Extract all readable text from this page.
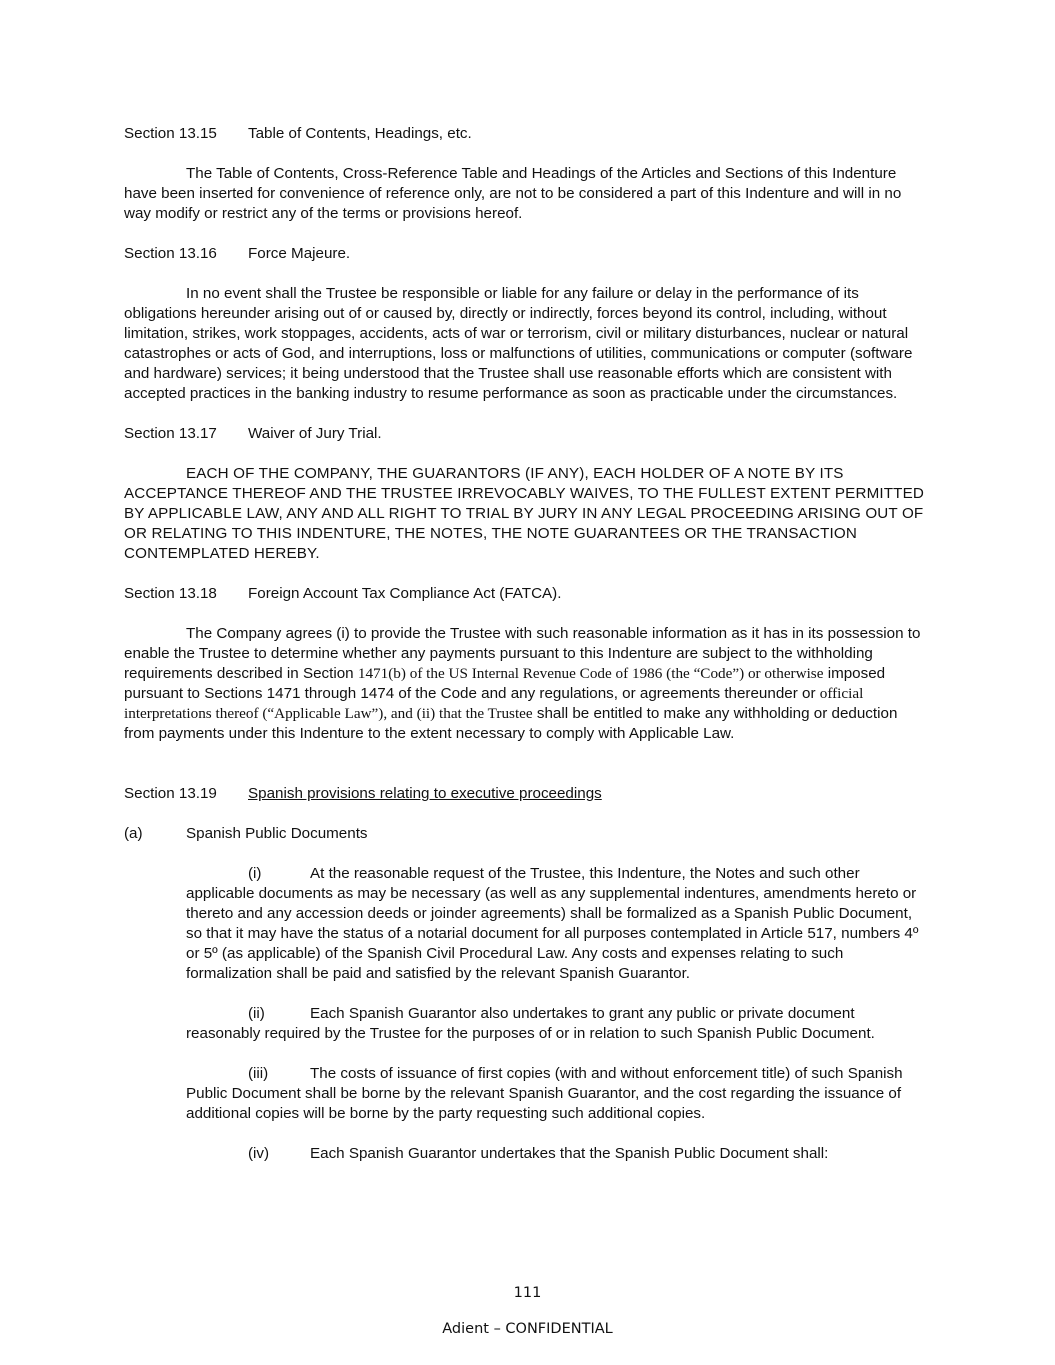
Section 13.15	Table of Contents, Headings, etc.

The Table of Contents, Cross-Reference Table and Headings of the Articles and Sections of this Indenture have been inserted for convenience of reference only, are not to be considered a part of this Indenture and will in no way modify or restrict any of the terms or provisions hereof.

Section 13.16	Force Majeure.

In no event shall the Trustee be responsible or liable for any failure or delay in the performance of its obligations hereunder arising out of or caused by, directly or indirectly, forces beyond its control, including, without limitation, strikes, work stoppages, accidents, acts of war or terrorism, civil or military disturbances, nuclear or natural catastrophes or acts of God, and interruptions, loss or malfunctions of utilities, communications or computer (software and hardware) services; it being understood that the Trustee shall use reasonable efforts which are consistent with accepted practices in the banking industry to resume performance as soon as practicable under the circumstances.

Section 13.17	Waiver of Jury Trial.

EACH OF THE COMPANY, THE GUARANTORS (IF ANY), EACH HOLDER OF A NOTE BY ITS ACCEPTANCE THEREOF AND THE TRUSTEE IRREVOCABLY WAIVES, TO THE FULLEST EXTENT PERMITTED BY APPLICABLE LAW, ANY AND ALL RIGHT TO TRIAL BY JURY IN ANY LEGAL PROCEEDING ARISING OUT OF OR RELATING TO THIS INDENTURE, THE NOTES, THE NOTE GUARANTEES OR THE TRANSACTION CONTEMPLATED HEREBY.

Section 13.18	Foreign Account Tax Compliance Act (FATCA).

The Company agrees (i) to provide the Trustee with such reasonable information as it has in its possession to enable the Trustee to determine whether any payments pursuant to this Indenture are subject to the withholding requirements described in Section 1471(b) of the US Internal Revenue Code of 1986 (the “Code”) or otherwise imposed pursuant to Sections 1471 through 1474 of the Code and any regulations, or agreements thereunder or official interpretations thereof (“Applicable Law”), and (ii) that the Trustee shall be entitled to make any withholding or deduction from payments under this Indenture to the extent necessary to comply with Applicable Law.

Section 13.19	Spanish provisions relating to executive proceedings
(a)	Spanish Public Documents

(i)	At the reasonable request of the Trustee, this Indenture, the Notes and such other applicable documents as may be necessary (as well as any supplemental indentures, amendments hereto or thereto and any accession deeds or joinder agreements) shall be formalized as a Spanish Public Document, so that it may have the status of a notarial document for all purposes contemplated in Article 517, numbers 4º or 5º (as applicable) of the Spanish Civil Procedural Law. Any costs and expenses relating to such formalization shall be paid and satisfied by the relevant Spanish Guarantor.

(ii)	Each Spanish Guarantor also undertakes to grant any public or private document reasonably required by the Trustee for the purposes of or in relation to such Spanish Public Document.

(iii)	The costs of issuance of first copies (with and without enforcement title) of such Spanish Public Document shall be borne by the relevant Spanish Guarantor, and the cost regarding the issuance of additional copies will be borne by the party requesting such additional copies.

(iv)	Each Spanish Guarantor undertakes that the Spanish Public Document shall:

111
Adient – CONFIDENTIAL
